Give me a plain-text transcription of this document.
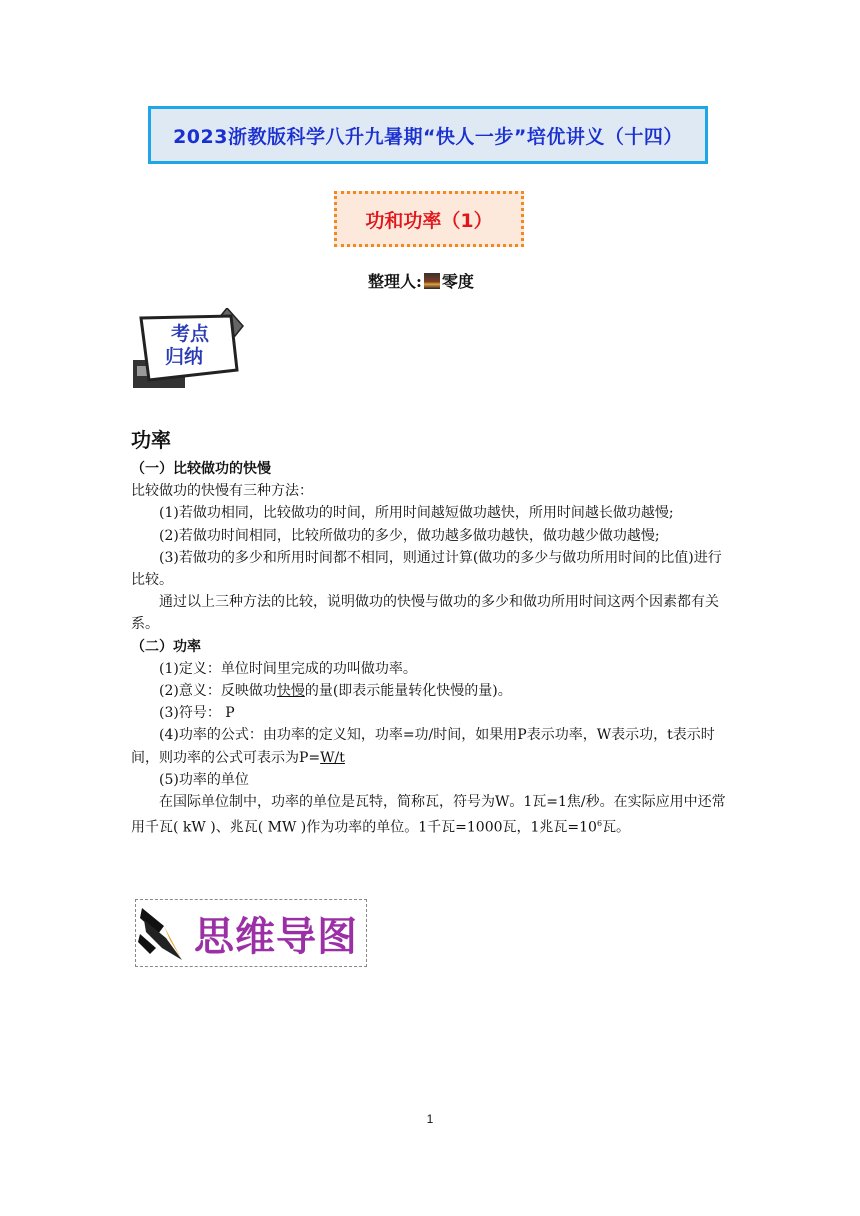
2023浙教版科学八升九暑期“快人一步”培优讲义（十四）
功和功率（1）
整理人: 零度
考点
归纳
功率

（一）比较做功的快慢

比较做功的快慢有三种方法：

(1)若做功相同，比较做功的时间，所用时间越短做功越快，所用时间越长做功越慢;

(2)若做功时间相同，比较所做功的多少，做功越多做功越快，做功越少做功越慢;

(3)若做功的多少和所用时间都不相同，则通过计算(做功的多少与做功所用时间的比值)进行比较。

通过以上三种方法的比较，说明做功的快慢与做功的多少和做功所用时间这两个因素都有关系。

（二）功率

(1)定义：单位时间里完成的功叫做功率。

(2)意义：反映做功快慢的量(即表示能量转化快慢的量)。

(3)符号： P

(4)功率的公式：由功率的定义知，功率=功/时间，如果用P表示功率，W表示功，t表示时间，则功率的公式可表示为P=W/t

(5)功率的单位

在国际单位制中，功率的单位是瓦特，简称瓦，符号为W。1瓦=1焦/秒。在实际应用中还常用千瓦( kW )、兆瓦( MW )作为功率的单位。1千瓦=1000瓦，1兆瓦$=10^6$瓦。

思维导图
1
